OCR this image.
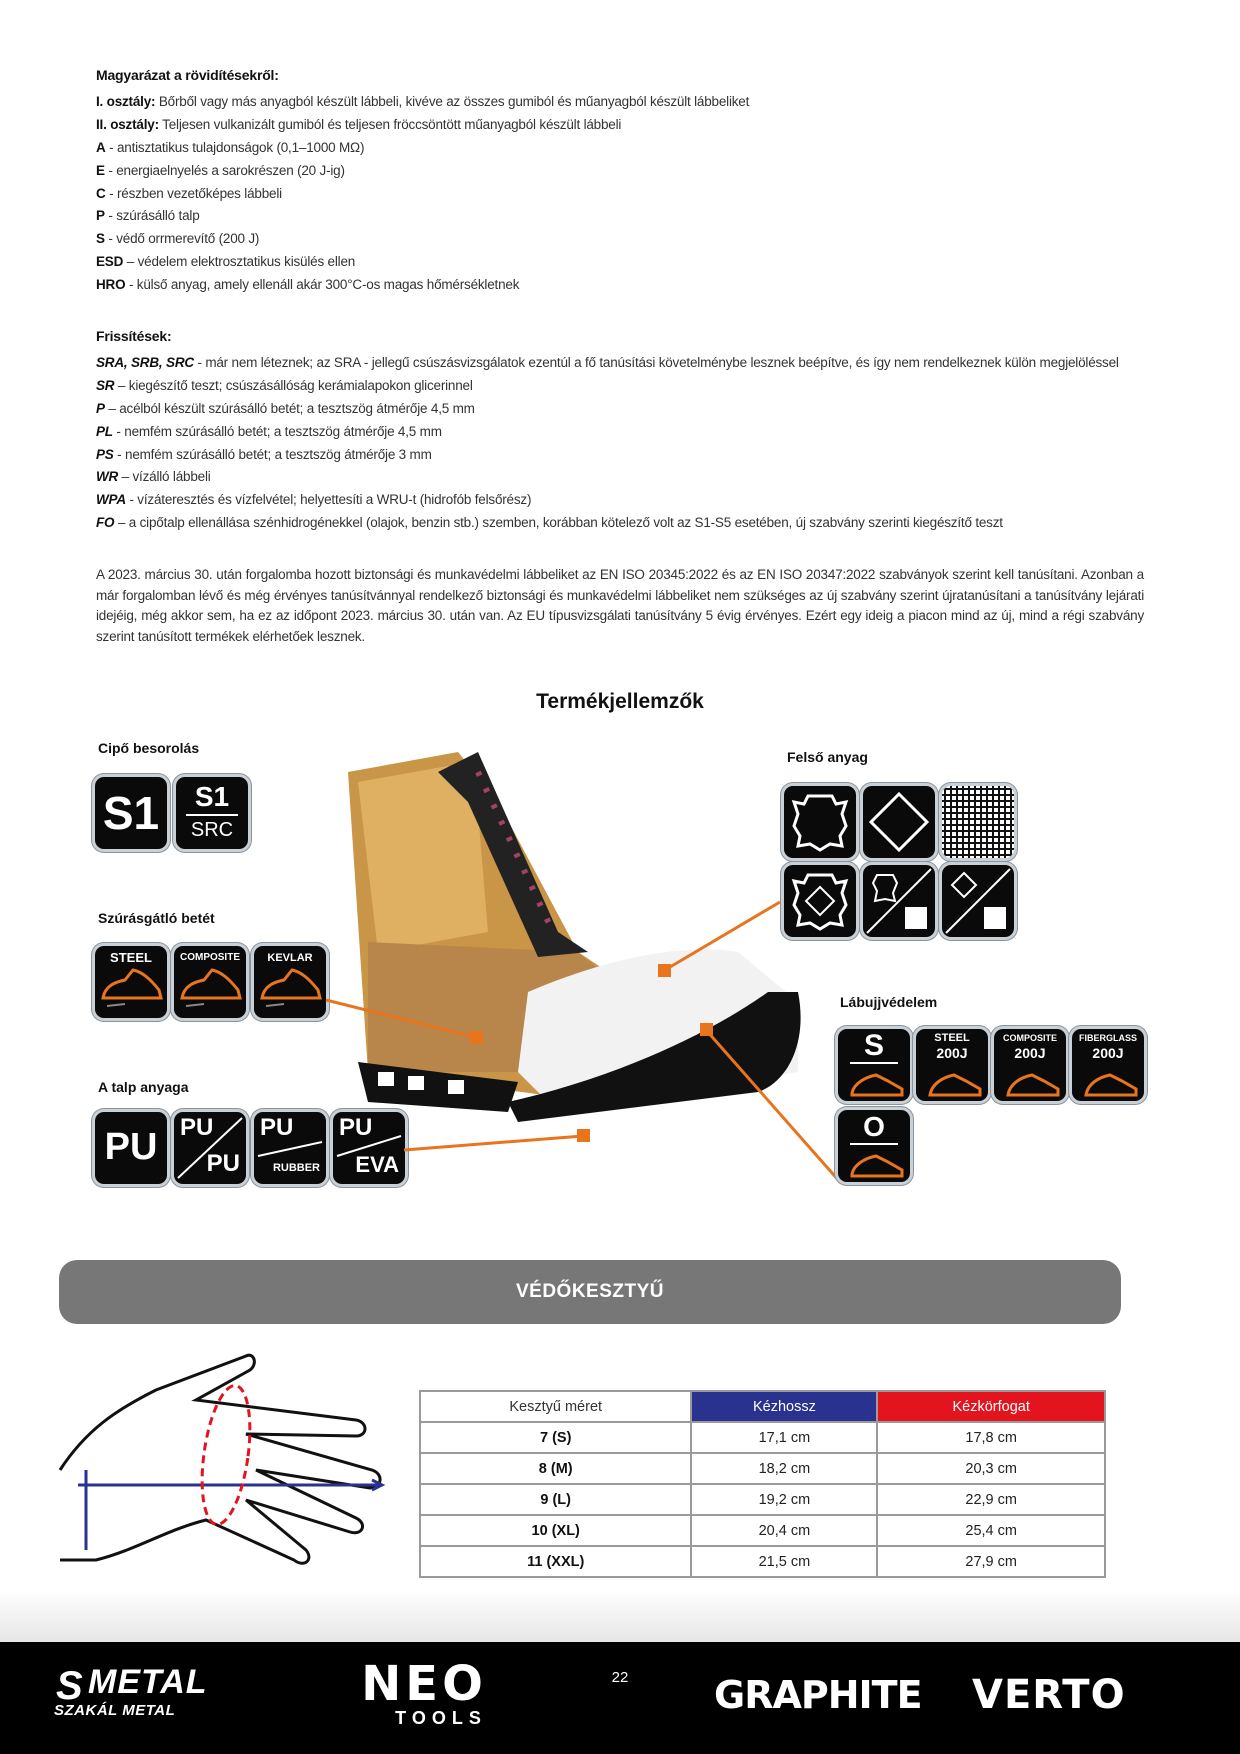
Magyarázat a rövidítésekről:
I. osztály: Bőrből vagy más anyagból készült lábbeli, kivéve az összes gumiból és műanyagból készült lábbeliket
II. osztály: Teljesen vulkanizált gumiból és teljesen fröccsöntött műanyagból készült lábbeli
A - antisztatikus tulajdonságok (0,1–1000 MΩ)
E - energiaelnyelés a sarokrészen (20 J-ig)
C - részben vezetőképes lábbeli
P - szúrásálló talp
S - védő orrmerevítő (200 J)
ESD – védelem elektrosztatikus kisülés ellen
HRO - külső anyag, amely ellenáll akár 300°C-os magas hőmérsékletnek
Frissítések:
SRA, SRB, SRC - már nem léteznek; az SRA - jellegű csúszásvizsgálatok ezentúl a fő tanúsítási követelménybe lesznek beépítve, és így nem rendelkeznek külön megjelöléssel
SR – kiegészítő teszt; csúszásállóság kerámialapokon glicerinnel
P – acélból készült szúrásálló betét; a tesztszög átmérője 4,5 mm
PL - nemfém szúrásálló betét; a tesztszög átmérője 4,5 mm
PS - nemfém szúrásálló betét; a tesztszög átmérője 3 mm
WR – vízálló lábbeli
WPA - vízáteresztés és vízfelvétel; helyettesíti a WRU-t (hidrofób felsőrész)
FO – a cipőtalp ellenállása szénhidrogénekkel (olajok, benzin stb.) szemben, korábban kötelező volt az S1-S5 esetében, új szabvány szerinti kiegészítő teszt

A 2023. március 30. után forgalomba hozott biztonsági és munkavédelmi lábbeliket az EN ISO 20345:2022 és az EN ISO 20347:2022 szabványok szerint kell tanúsítani. Azonban a már forgalomban lévő és még érvényes tanúsítvánnyal rendelkező biztonsági és munkavédelmi lábbeliket nem szükséges az új szabvány szerint újratanúsítani a tanúsítvány lejárati idejéig, még akkor sem, ha ez az időpont 2023. március 30. után van. Az EU típusvizsgálati tanúsítvány 5 évig érvényes. Ezért egy ideig a piacon mind az új, mind a régi szabvány szerint tanúsított termékek elérhetőek lesznek.

Termékjellemzők
Cipő besorolás
S1	S1
SRC
Szúrásgátló betét
STEEL	COMPOSITE	KEVLAR
A talp anyaga
PU PU
PU
PU
RUBBER
PU
EVA
Felső anyag
Lábujjvédelem
S	STEEL
200J
COMPOSITE
200J
FIBERGLASS
200J
O
VÉDŐKESZTYŰ
Kesztyű méret	Kézhossz	Kézkörfogat
7 (S)	17,1 cm	17,8 cm
8 (M)	18,2 cm	20,3 cm
9 (L)	19,2 cm	22,9 cm
10 (XL)	20,4 cm	25,4 cm
11 (XXL)	21,5 cm	27,9 cm
22
METAL
S
SZAKÁL METAL	NEO
TOOLS
GRAPHITE VERTO
